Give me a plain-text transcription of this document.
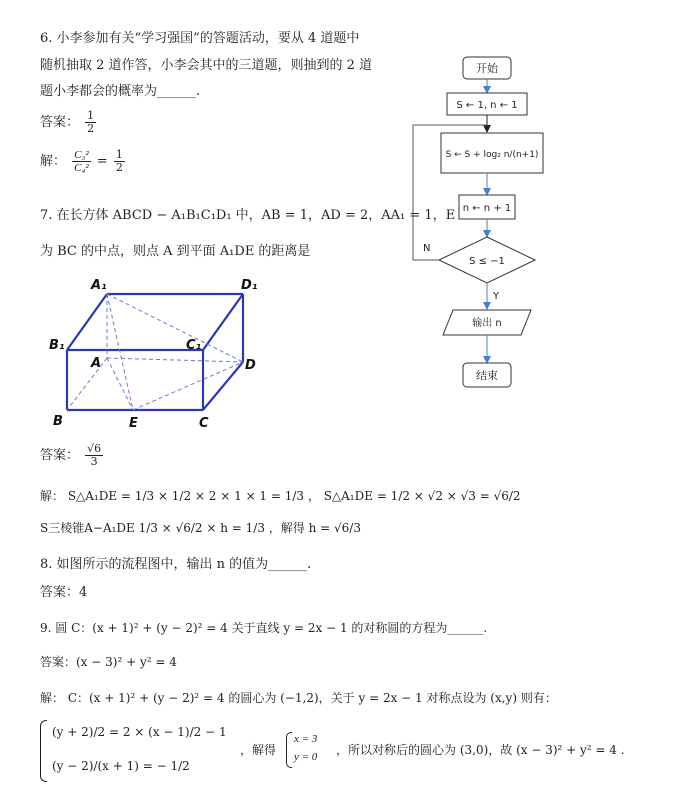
6. 小李参加有关“学习强国”的答题活动，要从 4 道题中
随机抽取 2 道作答，小李会其中的三道题，则抽到的 2 道
题小李都会的概率为______.
答案： $\frac{1}{2}$
解： $\frac{\text{C₃²}}{\text{C₄²}} = \frac{1}{2}$
7. 在长方体 ABCD − A₁B₁C₁D₁ 中，AB = 1，AD = 2，AA₁ = 1，E
为 BC 的中点，则点 A 到平面 A₁DE 的距离是
A₁	D₁
B₁	C₁
A	D
B	E	C
答案： $\frac{√6}{3}$
解： S△A₁DE = 1/3 × 1/2 × 2 × 1 × 1 = 1/3 ， S△A₁DE = 1/2 × √2 × √3 = √6/2
S三棱锥A−A₁DE 1/3 × √6/2 × h = 1/3 ，解得 h = √6/3
8. 如图所示的流程图中，输出 n 的值为______.
答案：4
9. 圆 C：(x + 1)² + (y − 2)² = 4 关于直线 y = 2x − 1 的对称圆的方程为______.
答案：(x − 3)² + y² = 4
解： C：(x + 1)² + (y − 2)² = 4 的圆心为 (−1,2)，关于 y = 2x − 1 对称点设为 (x,y) 则有：
(y + 2)/2 = 2 × (x − 1)/2 − 1
(y − 2)/(x + 1) = − 1/2
，解得
x = 3
y = 0 ，所以对称后的圆心为 (3,0)，故 (x − 3)² + y² = 4 .
开始
S ← 1, n ← 1
S ← S + log₂ n/(n+1)
n ← n + 1
S ≤ −1
N
Y
输出 n
结束
